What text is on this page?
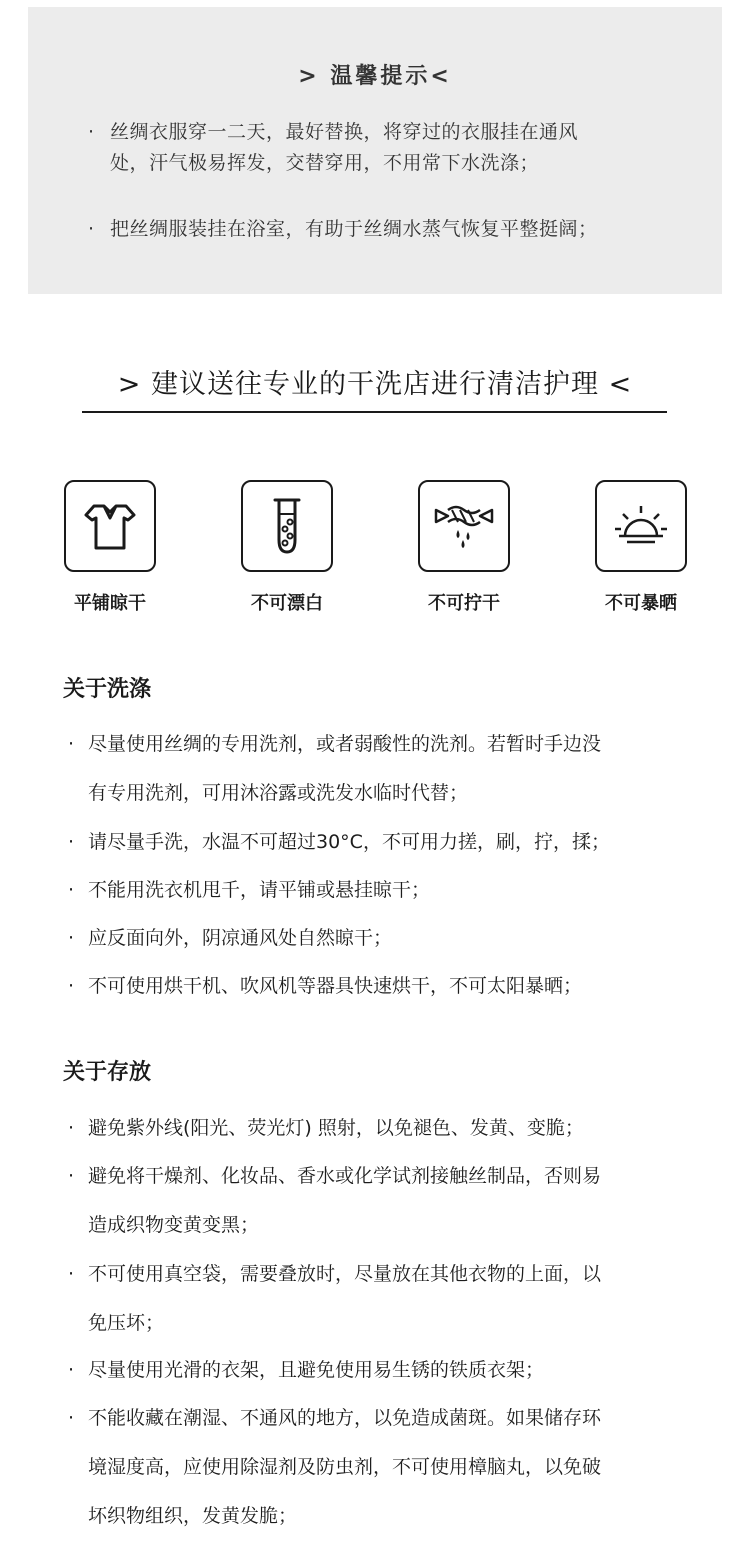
> 温馨提示<
· 丝绸衣服穿一二天，最好替换，将穿过的衣服挂在通风
处，汗气极易挥发，交替穿用，不用常下水洗涤；
· 把丝绸服装挂在浴室，有助于丝绸水蒸气恢复平整挺阔；
> 建议送往专业的干洗店进行清洁护理 <
平铺晾干	不可漂白	不可拧干	不可暴晒
关于洗涤
· 尽量使用丝绸的专用洗剂，或者弱酸性的洗剂。若暂时手边没
有专用洗剂，可用沐浴露或洗发水临时代替；
· 请尽量手洗，水温不可超过30°C，不可用力搓，刷，拧，揉；
· 不能用洗衣机甩千，请平铺或悬挂晾干；
· 应反面向外，阴凉通风处自然晾干；
· 不可使用烘干机、吹风机等器具快速烘干，不可太阳暴晒；
关于存放
· 避免紫外线(阳光、荧光灯) 照射，以免褪色、发黄、变脆；
· 避免将干燥剂、化妆品、香水或化学试剂接触丝制品，否则易
造成织物变黄变黑；
· 不可使用真空袋，需要叠放时，尽量放在其他衣物的上面，以
免压坏；
· 尽量使用光滑的衣架，且避免使用易生锈的铁质衣架；
· 不能收藏在潮湿、不通风的地方，以免造成菌斑。如果储存环
境湿度高，应使用除湿剂及防虫剂，不可使用樟脑丸，以免破
坏织物组织，发黄发脆；
